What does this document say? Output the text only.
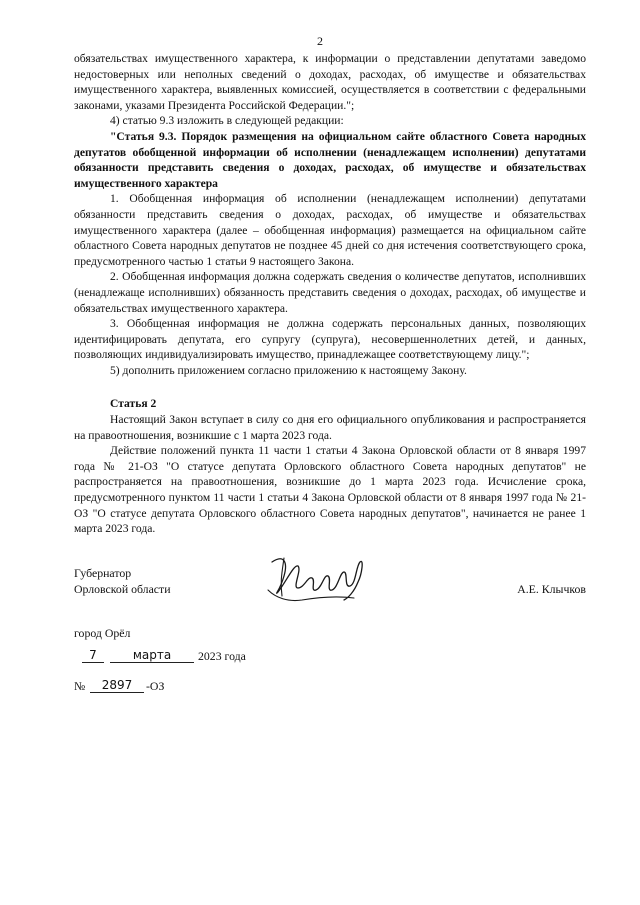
2

обязательствах имущественного характера, к информации о представлении депутатами заведомо недостоверных или неполных сведений о доходах, расходах, об имуществе и обязательствах имущественного характера, выявленных комиссией, осуществляется в соответствии с федеральными законами, указами Президента Российской Федерации.";

4) статью 9.3 изложить в следующей редакции:

"Статья 9.3. Порядок размещения на официальном сайте областного Совета народных депутатов обобщенной информации об исполнении (ненадлежащем исполнении) депутатами обязанности представить сведения о доходах, расходах, об имуществе и обязательствах имущественного характера

1. Обобщенная информация об исполнении (ненадлежащем исполнении) депутатами обязанности представить сведения о доходах, расходах, об имуществе и обязательствах имущественного характера (далее – обобщенная информация) размещается на официальном сайте областного Совета народных депутатов не позднее 45 дней со дня истечения соответствующего срока, предусмотренного частью 1 статьи 9 настоящего Закона.

2. Обобщенная информация должна содержать сведения о количестве депутатов, исполнивших (ненадлежаще исполнивших) обязанность представить сведения о доходах, расходах, об имуществе и обязательствах имущественного характера.

3. Обобщенная информация не должна содержать персональных данных, позволяющих идентифицировать депутата, его супругу (супруга), несовершеннолетних детей, и данных, позволяющих индивидуализировать имущество, принадлежащее соответствующему лицу.";

5) дополнить приложением согласно приложению к настоящему Закону.

Статья 2

Настоящий Закон вступает в силу со дня его официального опубликования и распространяется на правоотношения, возникшие с 1 марта 2023 года.

Действие положений пункта 11 части 1 статьи 4 Закона Орловской области от 8 января 1997 года № 21-ОЗ "О статусе депутата Орловского областного Совета народных депутатов" не распространяется на правоотношения, возникшие до 1 марта 2023 года. Исчисление срока, предусмотренного пунктом 11 части 1 статьи 4 Закона Орловской области от 8 января 1997 года № 21-ОЗ "О статусе депутата Орловского областного Совета народных депутатов", начинается не ранее 1 марта 2023 года.

Губернатор
Орловской области	А.Е. Клычков
город Орёл
7	марта	2023 года
№	2897	-ОЗ
